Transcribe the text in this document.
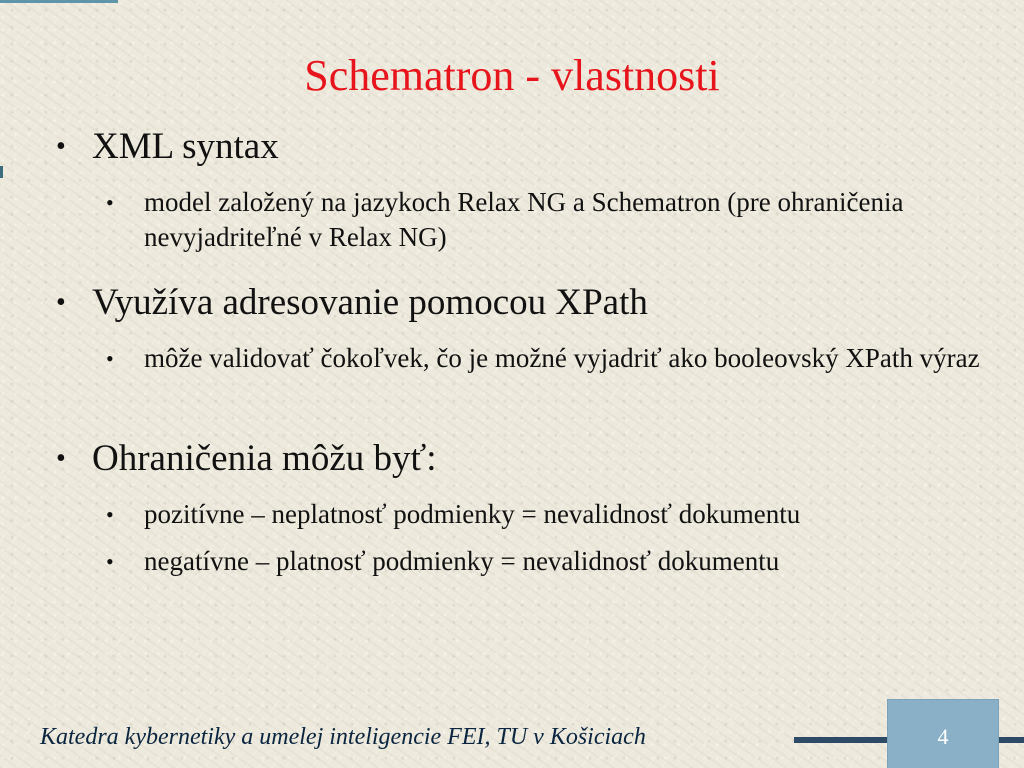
Schematron - vlastnosti
• XML syntax
• model založený na jazykoch Relax NG a Schematron (pre ohraničenia nevyjadriteľné v Relax NG)
• Využíva adresovanie pomocou XPath
• môže validovať čokoľvek, čo je možné vyjadriť ako booleovský XPath výraz
• Ohraničenia môžu byť:
• pozitívne – neplatnosť podmienky = nevalidnosť dokumentu
• negatívne – platnosť podmienky = nevalidnosť dokumentu
Katedra kybernetiky a umelej inteligencie FEI, TU v Košiciach	4
